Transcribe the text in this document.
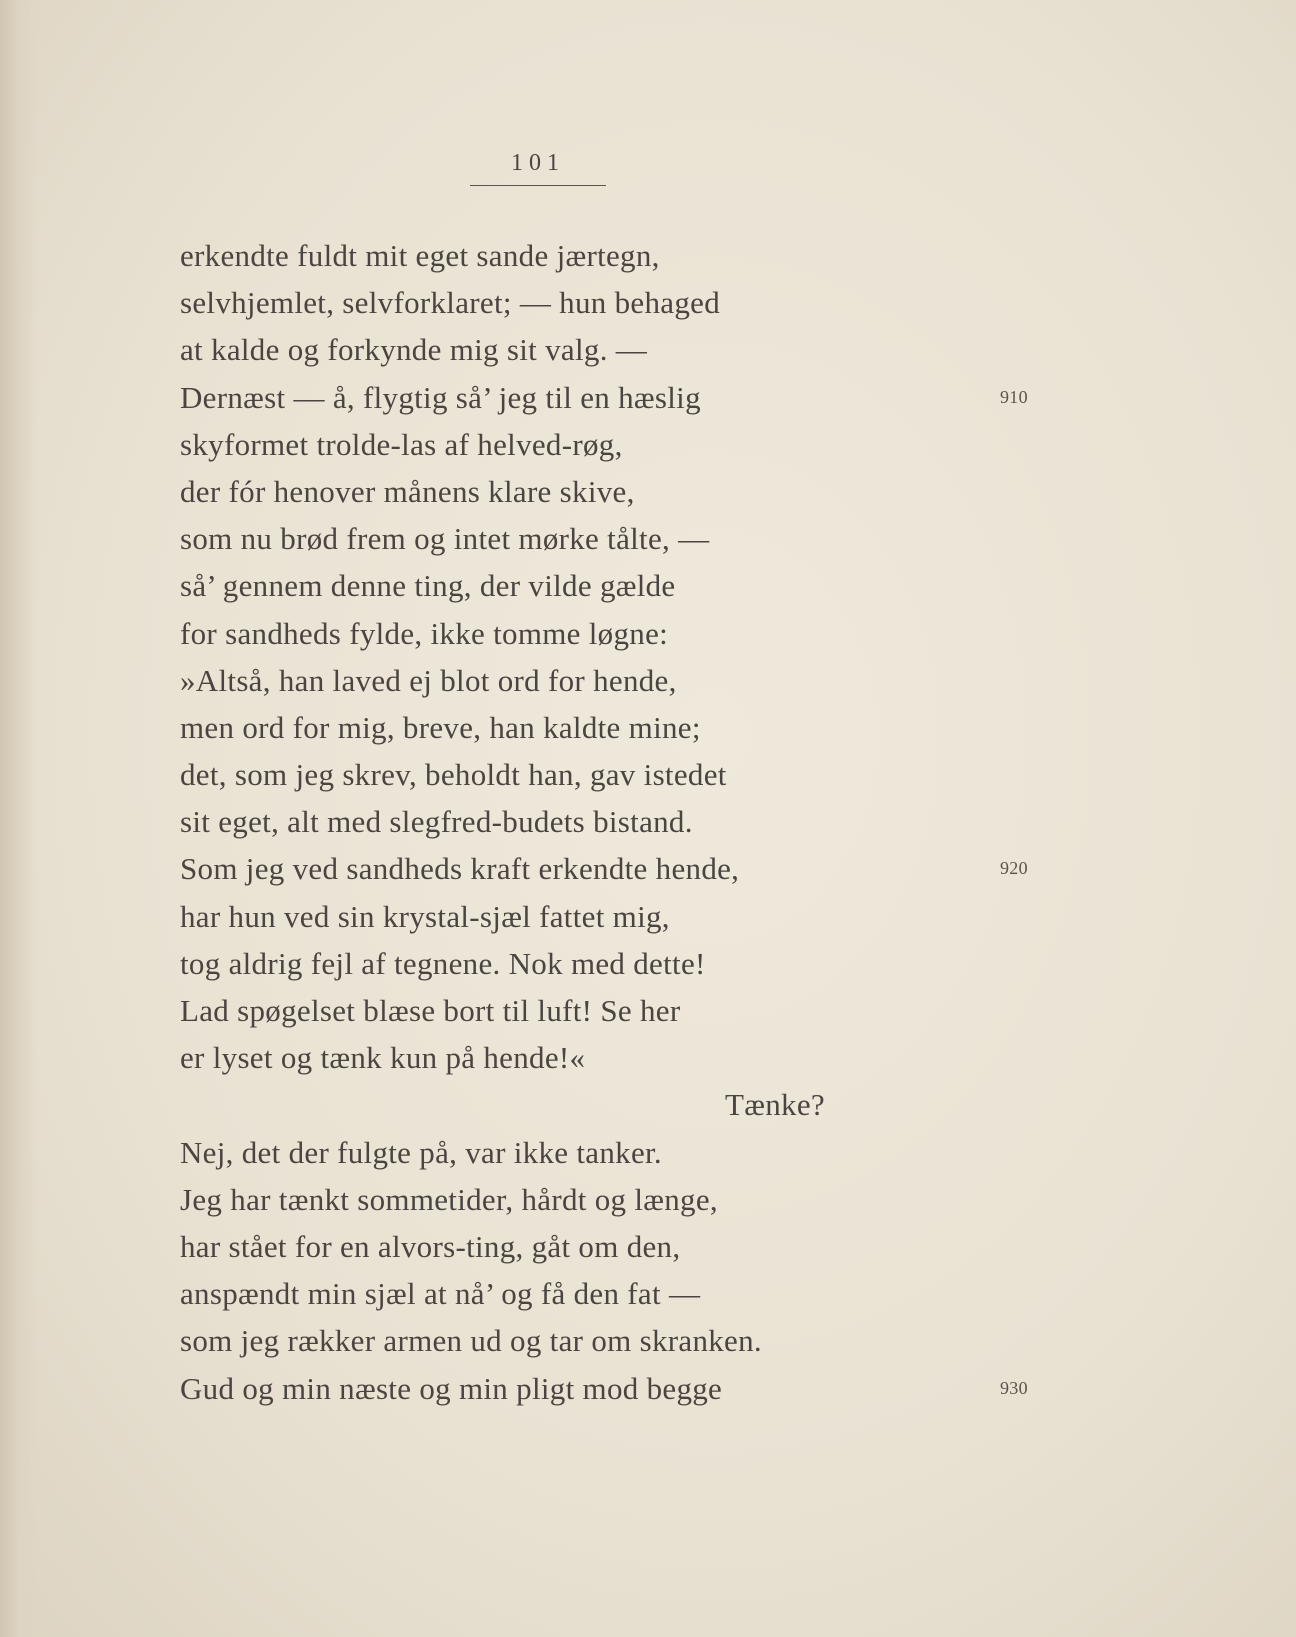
101
erkendte fuldt mit eget sande jærtegn,
selvhjemlet, selvforklaret; — hun behaged
at kalde og forkynde mig sit valg. —
Dernæst — å, flygtig så’ jeg til en hæslig	910
skyformet trolde-las af helved-røg,
der fór henover månens klare skive,
som nu brød frem og intet mørke tålte, —
så’ gennem denne ting, der vilde gælde
for sandheds fylde, ikke tomme løgne:
»Altså, han laved ej blot ord for hende,
men ord for mig, breve, han kaldte mine;
det, som jeg skrev, beholdt han, gav istedet
sit eget, alt med slegfred-budets bistand.
Som jeg ved sandheds kraft erkendte hende,	920
har hun ved sin krystal-sjæl fattet mig,
tog aldrig fejl af tegnene. Nok med dette!
Lad spøgelset blæse bort til luft! Se her
er lyset og tænk kun på hende!«
Tænke?
Nej, det der fulgte på, var ikke tanker.
Jeg har tænkt sommetider, hårdt og længe,
har stået for en alvors-ting, gåt om den,
anspændt min sjæl at nå’ og få den fat —
som jeg rækker armen ud og tar om skranken.
Gud og min næste og min pligt mod begge	930
